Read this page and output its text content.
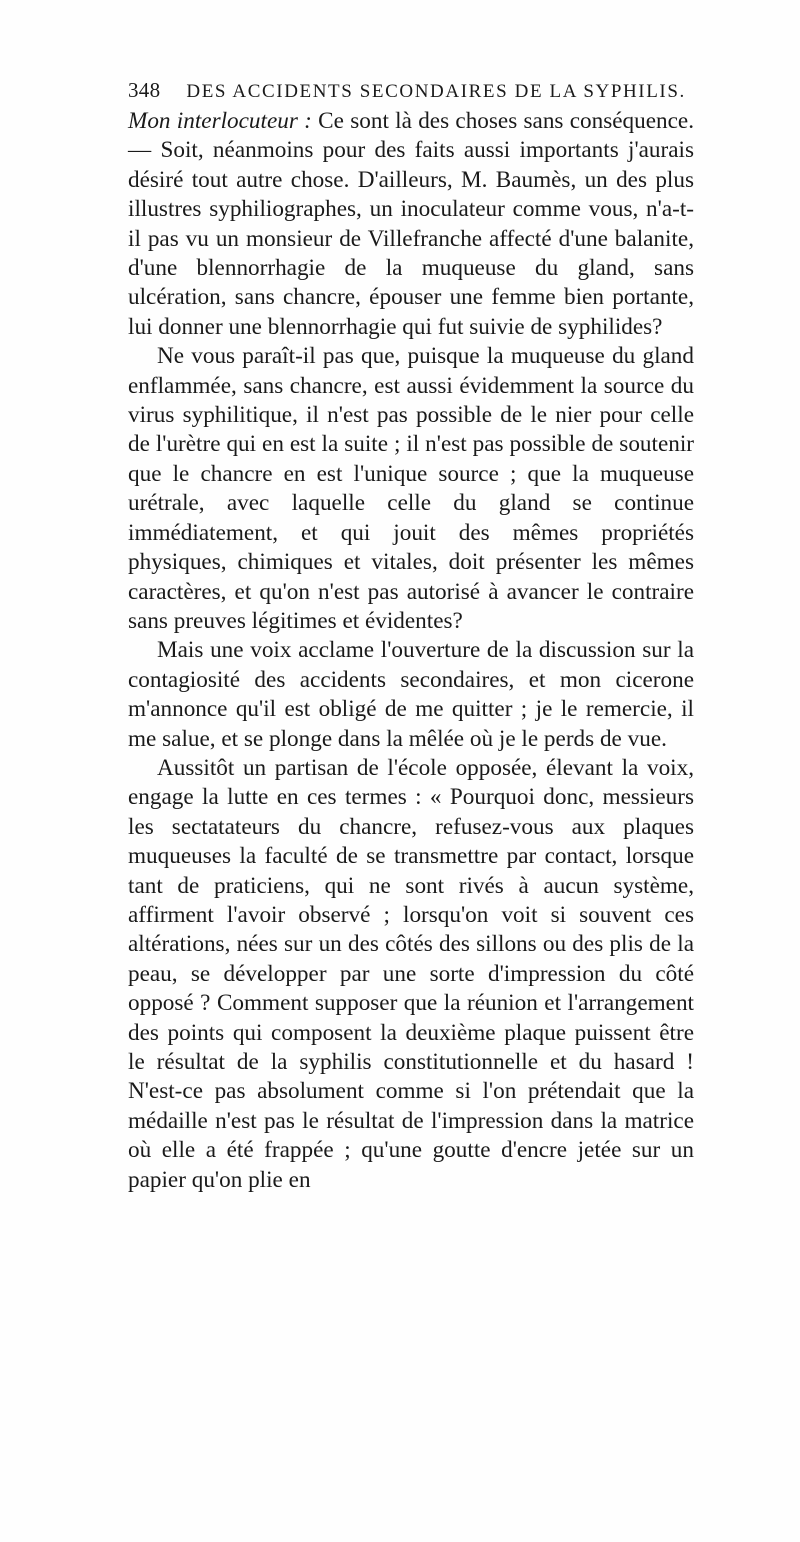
348 DES ACCIDENTS SECONDAIRES DE LA SYPHILIS.

Mon interlocuteur : Ce sont là des choses sans conséquence. — Soit, néanmoins pour des faits aussi importants j'aurais désiré tout autre chose. D'ailleurs, M. Baumès, un des plus illustres syphiliographes, un inoculateur comme vous, n'a-t-il pas vu un monsieur de Villefranche affecté d'une balanite, d'une blennorrhagie de la muqueuse du gland, sans ulcération, sans chancre, épouser une femme bien portante, lui donner une blennorrhagie qui fut suivie de syphilides?

Ne vous paraît-il pas que, puisque la muqueuse du gland enflammée, sans chancre, est aussi évidemment la source du virus syphilitique, il n'est pas possible de le nier pour celle de l'urètre qui en est la suite ; il n'est pas possible de soutenir que le chancre en est l'unique source ; que la muqueuse urétrale, avec laquelle celle du gland se continue immédiatement, et qui jouit des mêmes propriétés physiques, chimiques et vitales, doit présenter les mêmes caractères, et qu'on n'est pas autorisé à avancer le contraire sans preuves légitimes et évidentes?

Mais une voix acclame l'ouverture de la discussion sur la contagiosité des accidents secondaires, et mon cicerone m'annonce qu'il est obligé de me quitter ; je le remercie, il me salue, et se plonge dans la mêlée où je le perds de vue.

Aussitôt un partisan de l'école opposée, élevant la voix, engage la lutte en ces termes : « Pourquoi donc, messieurs les sectatateurs du chancre, refusez-vous aux plaques muqueuses la faculté de se transmettre par contact, lorsque tant de praticiens, qui ne sont rivés à aucun système, affirment l'avoir observé ; lorsqu'on voit si souvent ces altérations, nées sur un des côtés des sillons ou des plis de la peau, se développer par une sorte d'impression du côté opposé ? Comment supposer que la réunion et l'arrangement des points qui composent la deuxième plaque puissent être le résultat de la syphilis constitutionnelle et du hasard ! N'est-ce pas absolument comme si l'on prétendait que la médaille n'est pas le résultat de l'impression dans la matrice où elle a été frappée ; qu'une goutte d'encre jetée sur un papier qu'on plie en
